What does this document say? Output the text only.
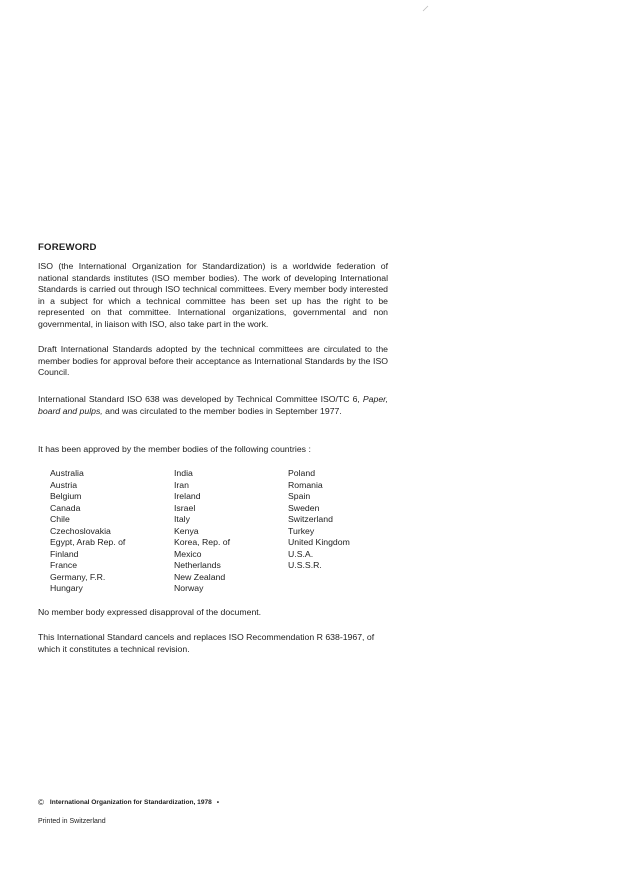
FOREWORD

ISO (the International Organization for Standardization) is a worldwide federation of national standards institutes (ISO member bodies). The work of developing International Standards is carried out through ISO technical committees. Every member body interested in a subject for which a technical committee has been set up has the right to be represented on that committee. International organizations, governmental and non governmental, in liaison with ISO, also take part in the work.

Draft International Standards adopted by the technical committees are circulated to the member bodies for approval before their acceptance as International Standards by the ISO Council.

International Standard ISO 638 was developed by Technical Committee ISO/TC 6, Paper, board and pulps, and was circulated to the member bodies in September 1977.

It has been approved by the member bodies of the following countries :

Australia
Austria
Belgium
Canada
Chile
Czechoslovakia
Egypt, Arab Rep. of
Finland
France
Germany, F.R.
Hungary
India
Iran
Ireland
Israel
Italy
Kenya
Korea, Rep. of
Mexico
Netherlands
New Zealand
Norway
Poland
Romania
Spain
Sweden
Switzerland
Turkey
United Kingdom
U.S.A.
U.S.S.R.

No member body expressed disapproval of the document.

This International Standard cancels and replaces ISO Recommendation R 638-1967, of which it constitutes a technical revision.

© International Organization for Standardization, 1978 •
Printed in Switzerland
